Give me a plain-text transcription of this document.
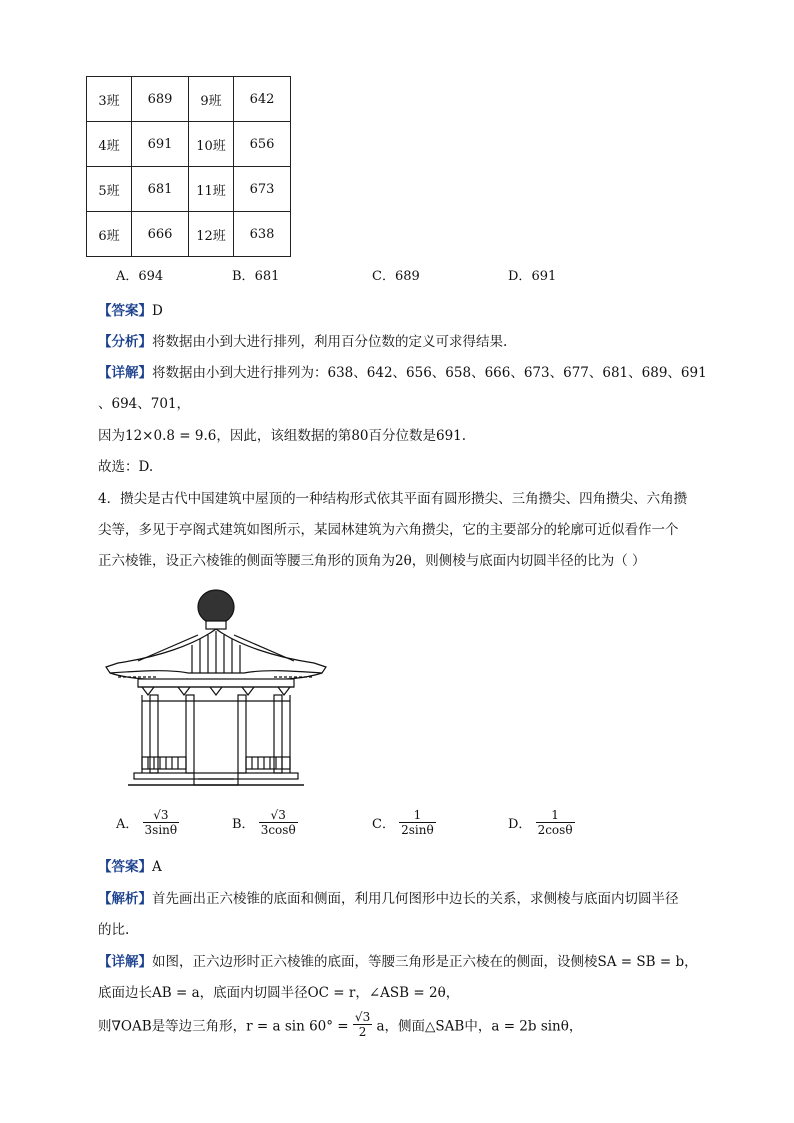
3班	689	9班	642
4班	691	10班	656
5班	681	11班	673
6班	666	12班	638
A．694	B．681	C．689	D．691
【答案】D
【分析】将数据由小到大进行排列，利用百分位数的定义可求得结果.
【详解】将数据由小到大进行排列为：638、642、656、658、666、673、677、681、689、691
、694、701，
因为12×0.8 = 9.6，因此，该组数据的第80百分位数是691.
故选：D.
4．攒尖是古代中国建筑中屋顶的一种结构形式依其平面有圆形攒尖、三角攒尖、四角攒尖、六角攒
尖等，多见于亭阁式建筑如图所示，某园林建筑为六角攒尖，它的主要部分的轮廓可近似看作一个
正六棱锥，设正六棱锥的侧面等腰三角形的顶角为2θ，则侧棱与底面内切圆半径的比为（ ）
A． $\frac{√3}{3\sin\theta}$	B． $\frac{√3}{3\cos\theta}$	C． $\frac{1}{2\sin\theta}$	D． $\frac{1}{2\cos\theta}$
【答案】A
【解析】首先画出正六棱锥的底面和侧面，利用几何图形中边长的关系，求侧棱与底面内切圆半径
的比.
【详解】如图，正六边形时正六棱锥的底面，等腰三角形是正六棱在的侧面，设侧棱SA = SB = b，
底面边长AB = a，底面内切圆半径OC = r，∠ASB = 2θ，
则∇OAB是等边三角形，r = a $\sin 60^\circ = \frac{√3}{2}$ a，侧面△SAB中，a = 2b sinθ，
